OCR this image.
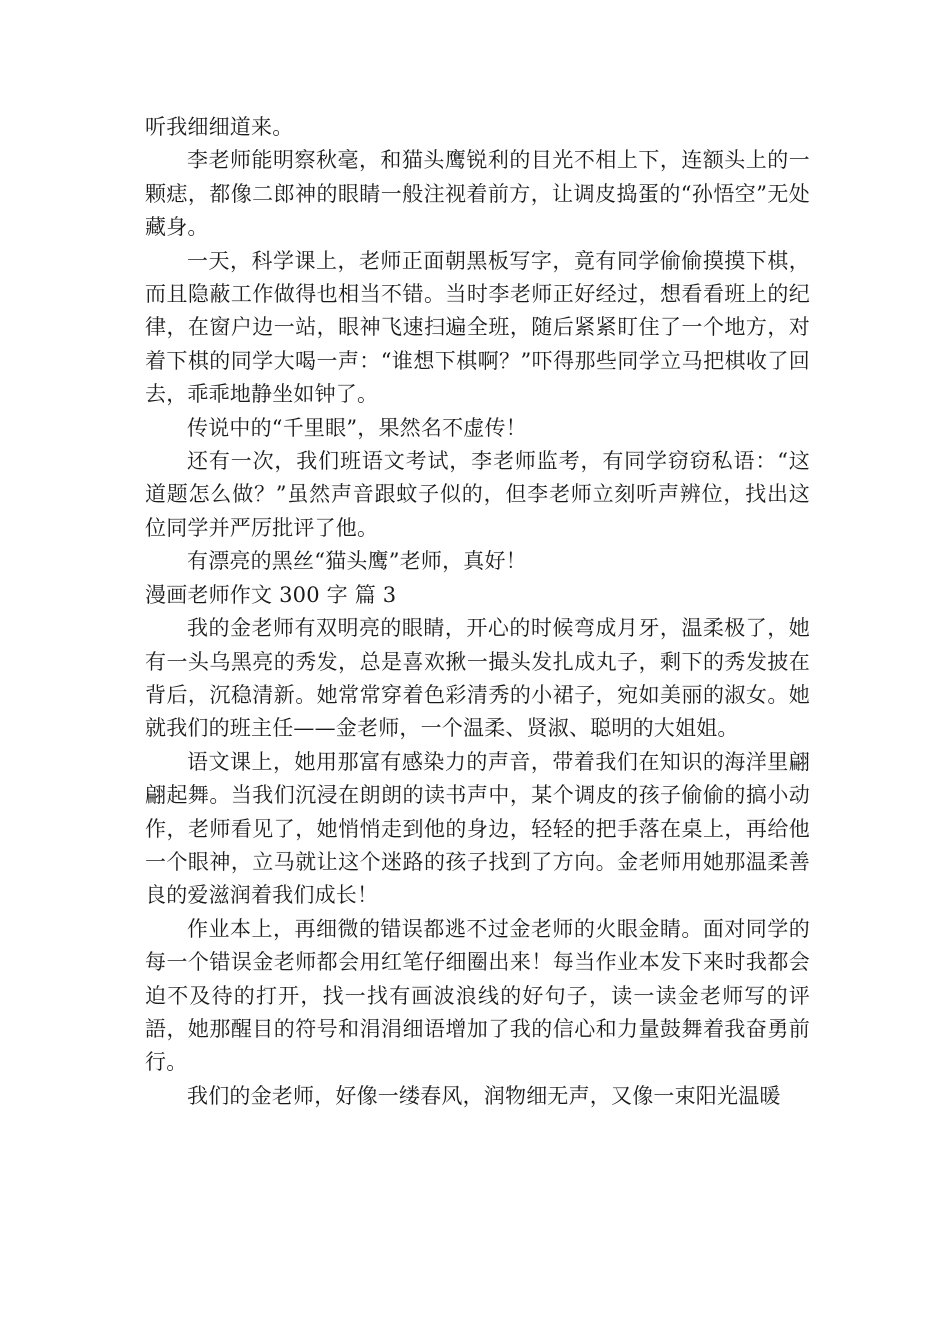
听我细细道来。

李老师能明察秋毫，和猫头鹰锐利的目光不相上下，连额头上的一颗痣，都像二郎神的眼睛一般注视着前方，让调皮捣蛋的“孙悟空”无处藏身。

一天，科学课上，老师正面朝黑板写字，竟有同学偷偷摸摸下棋，而且隐蔽工作做得也相当不错。当时李老师正好经过，想看看班上的纪律，在窗户边一站，眼神飞速扫遍全班，随后紧紧盯住了一个地方，对着下棋的同学大喝一声：“谁想下棋啊？”吓得那些同学立马把棋收了回去，乖乖地静坐如钟了。

传说中的“千里眼”，果然名不虚传！

还有一次，我们班语文考试，李老师监考，有同学窃窃私语：“这道题怎么做？”虽然声音跟蚊子似的，但李老师立刻听声辨位，找出这位同学并严厉批评了他。

有漂亮的黑丝“猫头鹰”老师，真好！

漫画老师作文 300 字 篇 3

我的金老师有双明亮的眼睛，开心的时候弯成月牙，温柔极了，她有一头乌黑亮的秀发，总是喜欢揪一撮头发扎成丸子，剩下的秀发披在背后，沉稳清新。她常常穿着色彩清秀的小裙子，宛如美丽的淑女。她就我们的班主任——金老师，一个温柔、贤淑、聪明的大姐姐。

语文课上，她用那富有感染力的声音，带着我们在知识的海洋里翩翩起舞。当我们沉浸在朗朗的读书声中，某个调皮的孩子偷偷的搞小动作，老师看见了，她悄悄走到他的身边，轻轻的把手落在桌上，再给他一个眼神，立马就让这个迷路的孩子找到了方向。金老师用她那温柔善良的爱滋润着我们成长！

作业本上，再细微的错误都逃不过金老师的火眼金睛。面对同学的每一个错误金老师都会用红笔仔细圈出来！每当作业本发下来时我都会迫不及待的打开，找一找有画波浪线的好句子，读一读金老师写的评語，她那醒目的符号和涓涓细语增加了我的信心和力量鼓舞着我奋勇前行。

我们的金老师，好像一缕春风，润物细无声，又像一束阳光温暖
